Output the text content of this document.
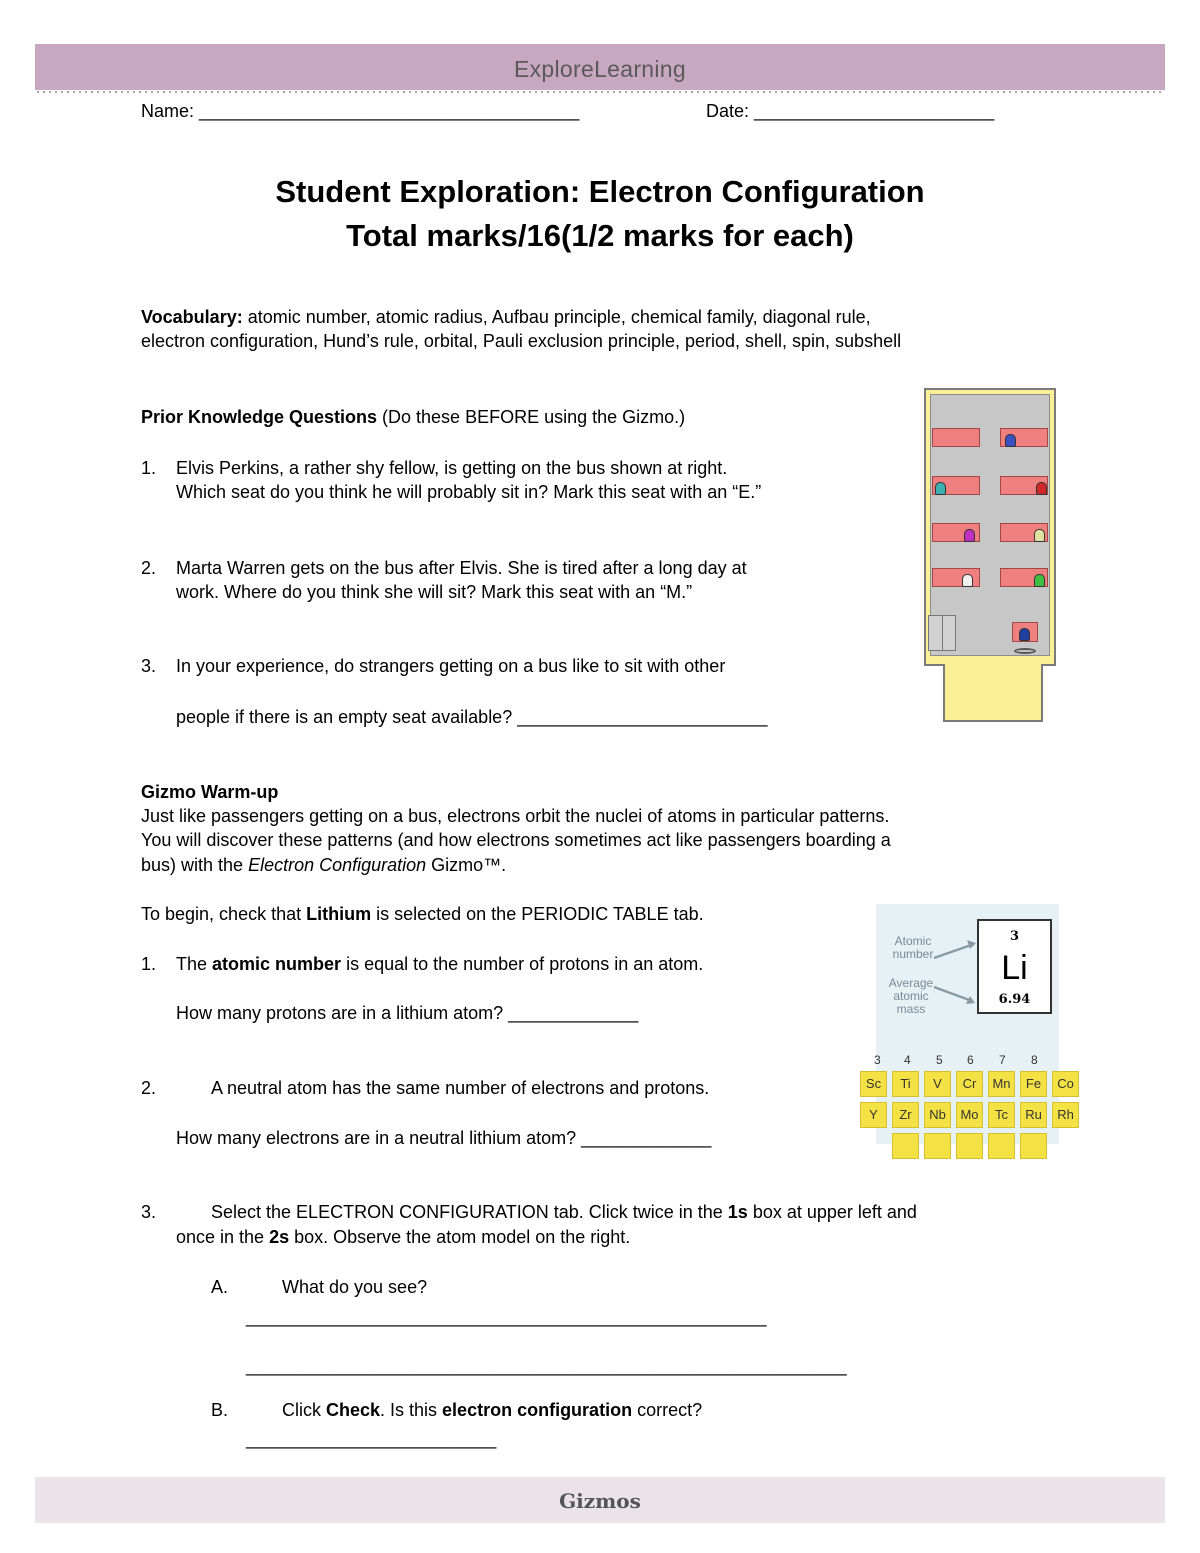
ExploreLearning
Name: ______________________________________	Date: ________________________
Student Exploration: Electron Configuration
Total marks/16(1/2 marks for each)
Vocabulary: atomic number, atomic radius, Aufbau principle, chemical family, diagonal rule,
electron configuration, Hund’s rule, orbital, Pauli exclusion principle, period, shell, spin, subshell
Prior Knowledge Questions (Do these BEFORE using the Gizmo.)
1. Elvis Perkins, a rather shy fellow, is getting on the bus shown at right.
Which seat do you think he will probably sit in? Mark this seat with an “E.”
2. Marta Warren gets on the bus after Elvis. She is tired after a long day at
work. Where do you think she will sit? Mark this seat with an “M.”
3. In your experience, do strangers getting on a bus like to sit with other
people if there is an empty seat available? _________________________
Gizmo Warm-up
Just like passengers getting on a bus, electrons orbit the nuclei of atoms in particular patterns.
You will discover these patterns (and how electrons sometimes act like passengers boarding a
bus) with the Electron Configuration Gizmo™.
To begin, check that Lithium is selected on the PERIODIC TABLE tab.
1. The atomic number is equal to the number of protons in an atom.
How many protons are in a lithium atom? _____________
2.	A neutral atom has the same number of electrons and protons.
How many electrons are in a neutral lithium atom? _____________
3.	Select the ELECTRON CONFIGURATION tab. Click twice in the 1s box at upper left and
once in the 2s box. Observe the atom model on the right.
A.	What do you see?
____________________________________________________
____________________________________________________________
B.	Click Check. Is this electron configuration correct?
_________________________
Atomic
number
Average
atomic
mass
3
Li
6.94
3 4 5 6 7 8
Sc	Ti	V	Cr	Mn	Fe	Co
Y	Zr	Nb	Mo	Tc	Ru	Rh
Gizmos
